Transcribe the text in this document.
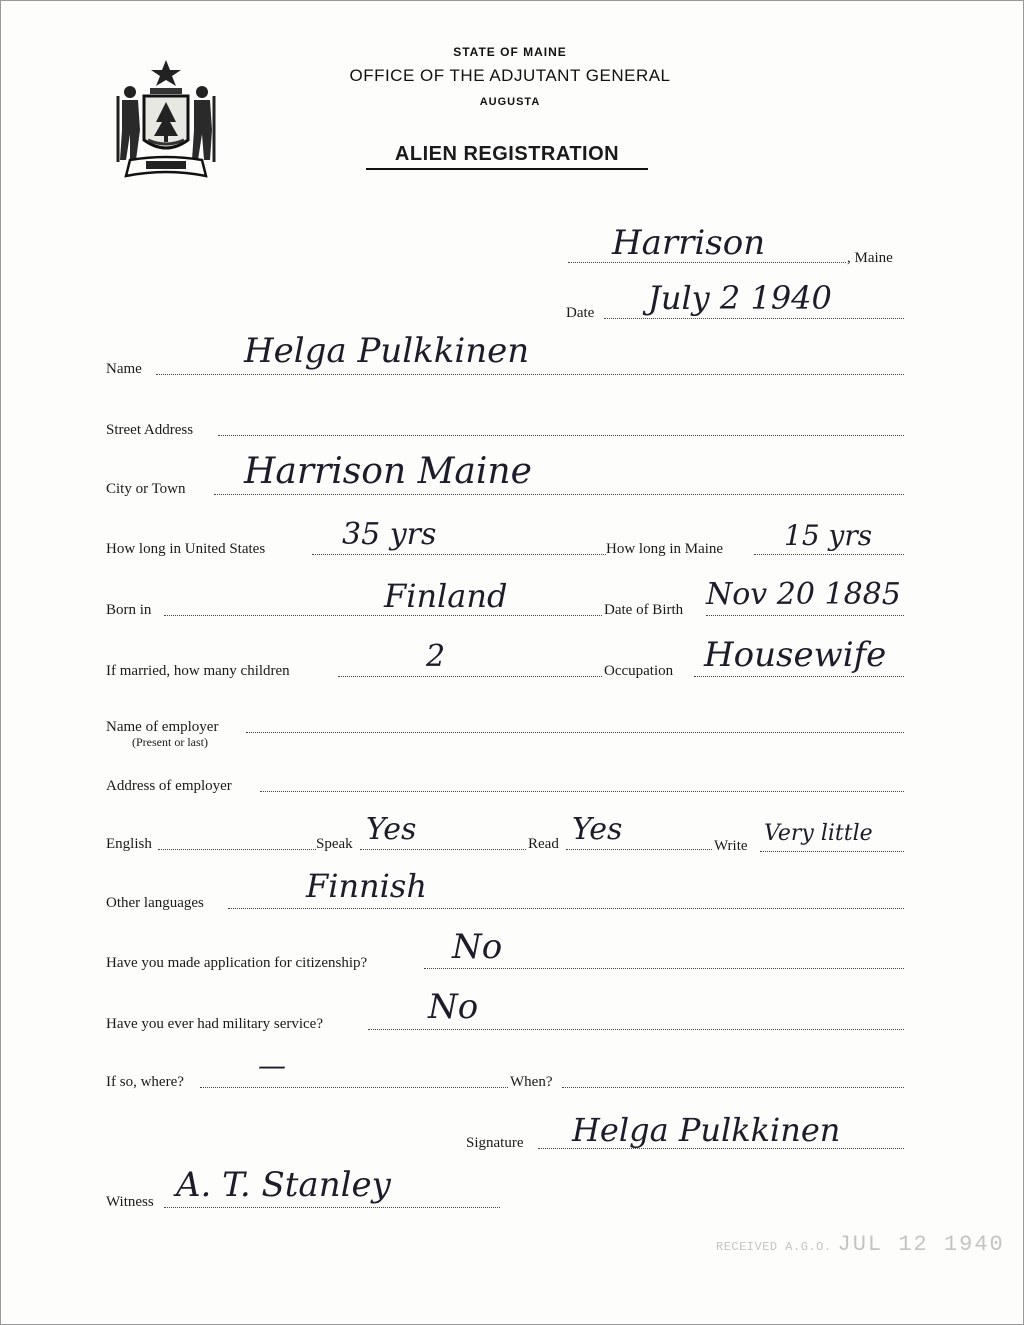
STATE OF MAINE
OFFICE OF THE ADJUTANT GENERAL
AUGUSTA
ALIEN REGISTRATION
Harrison	, Maine
Date July 2 1940
Name	Helga Pulkkinen
Street Address
City or Town Harrison Maine
How long in United States	35 yrs	How long in Maine 15 yrs
Born in	Finland	Date of Birth Nov 20 1885
If married, how many children	2	Occupation Housewife
Name of employer
(Present or last)
Address of employer
English	Speak Yes	Read Yes	Write Very little
Other languages	Finnish
Have you made application for citizenship? No
Have you ever had military service?	No
If so, where?	—	When?
Signature Helga Pulkkinen
Witness A. T. Stanley
RECEIVED A.G.O. JUL 12 1940
